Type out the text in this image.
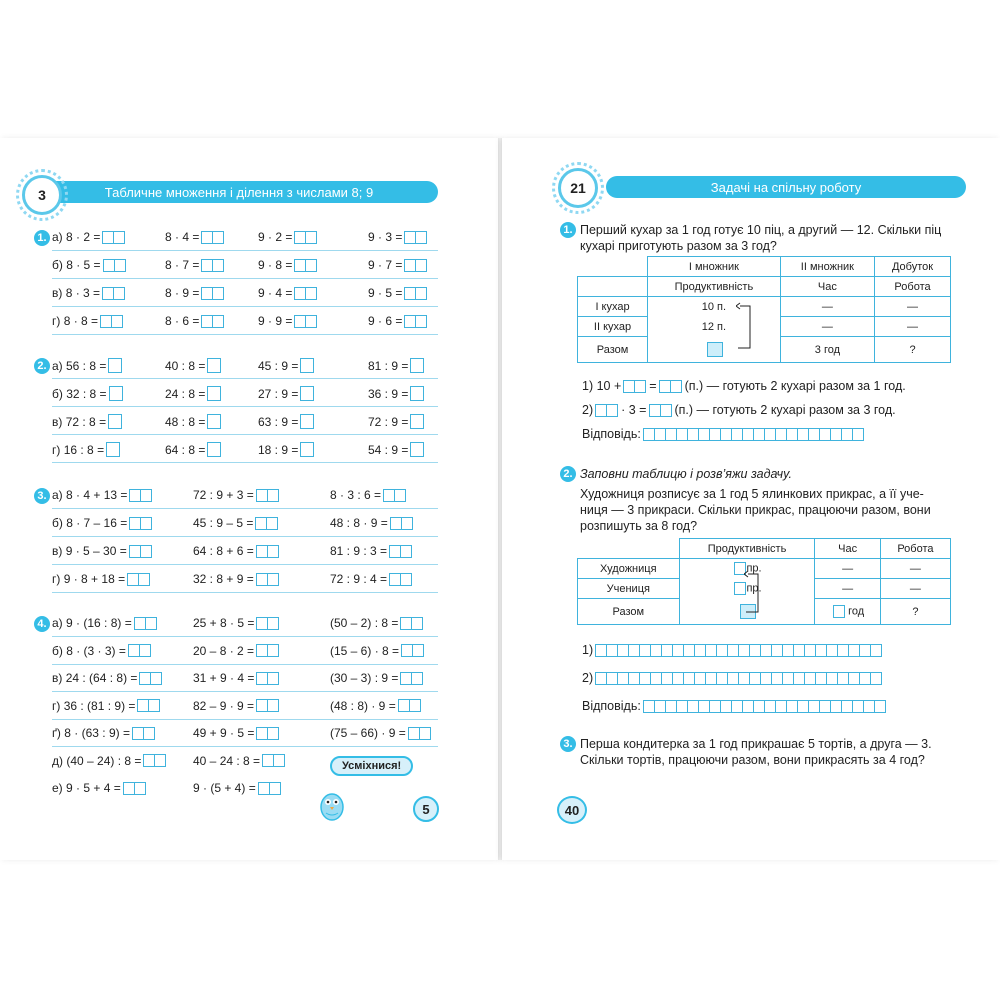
Табличне множення і ділення з числами 8; 9
3
1. а) 8 · 2 =	8 · 4 =	9 · 2 =	9 · 3 =
б) 8 · 5 =	8 · 7 =	9 · 8 =	9 · 7 =
в) 8 · 3 =	8 · 9 =	9 · 4 =	9 · 5 =
г) 8 · 8 =	8 · 6 =	9 · 9 =	9 · 6 =
2. а) 56 : 8 =	40 : 8 =	45 : 9 =	81 : 9 =
б) 32 : 8 =	24 : 8 =	27 : 9 =	36 : 9 =
в) 72 : 8 =	48 : 8 =	63 : 9 =	72 : 9 =
г) 16 : 8 =	64 : 8 =	18 : 9 =	54 : 9 =
3. а) 8 · 4 + 13 =	72 : 9 + 3 =	8 · 3 : 6 =
б) 8 · 7 – 16 =	45 : 9 – 5 =	48 : 8 · 9 =
в) 9 · 5 – 30 =	64 : 8 + 6 =	81 : 9 : 3 =
г) 9 · 8 + 18 =	32 : 8 + 9 =	72 : 9 : 4 =
4. а) 9 · (16 : 8) =	25 + 8 · 5 =	(50 – 2) : 8 =
б) 8 · (3 · 3) =	20 – 8 · 2 =	(15 – 6) · 8 =
в) 24 : (64 : 8) =	31 + 9 · 4 =	(30 – 3) : 9 =
г) 36 : (81 : 9) =	82 – 9 · 9 =	(48 : 8) · 9 =
ґ) 8 · (63 : 9) =	49 + 9 · 5 =	(75 – 66) · 9 =
д) (40 – 24) : 8 =	40 – 24 : 8 =
е) 9 · 5 + 4 =	9 · (5 + 4) =
Усміхнися!
5
Задачі на спільну роботу
21
1. Перший кухар за 1 год готує 10 піц, а другий — 12. Скільки піц
кухарі приготують разом за 3 год?
	І множник	ІІ множник	Добуток
	Продуктивність	Час	Робота
І кухар	10 п.	—	—
ІІ кухар	12 п.	—	—
Разом		3 год	?
1) 10 + = (п.) — готують 2 кухарі разом за 1 год.
2) · 3 = (п.) — готують 2 кухарі разом за 3 год.
Відповідь:
2. Заповни таблицю і розв’яжи задачу.
Художниця розписує за 1 год 5 ялинкових прикрас, а її уче-
ниця — 3 прикраси. Скільки прикрас, працюючи разом, вони
розпишуть за 8 год?
	Продуктивність	Час	Робота
Художниця	пр.	—	—
Учениця	пр.	—	—
Разом		год	?
1)
2)
Відповідь:
3. Перша кондитерка за 1 год прикрашає 5 тортів, а друга — 3.
Скільки тортів, працюючи разом, вони прикрасять за 4 год?
40
